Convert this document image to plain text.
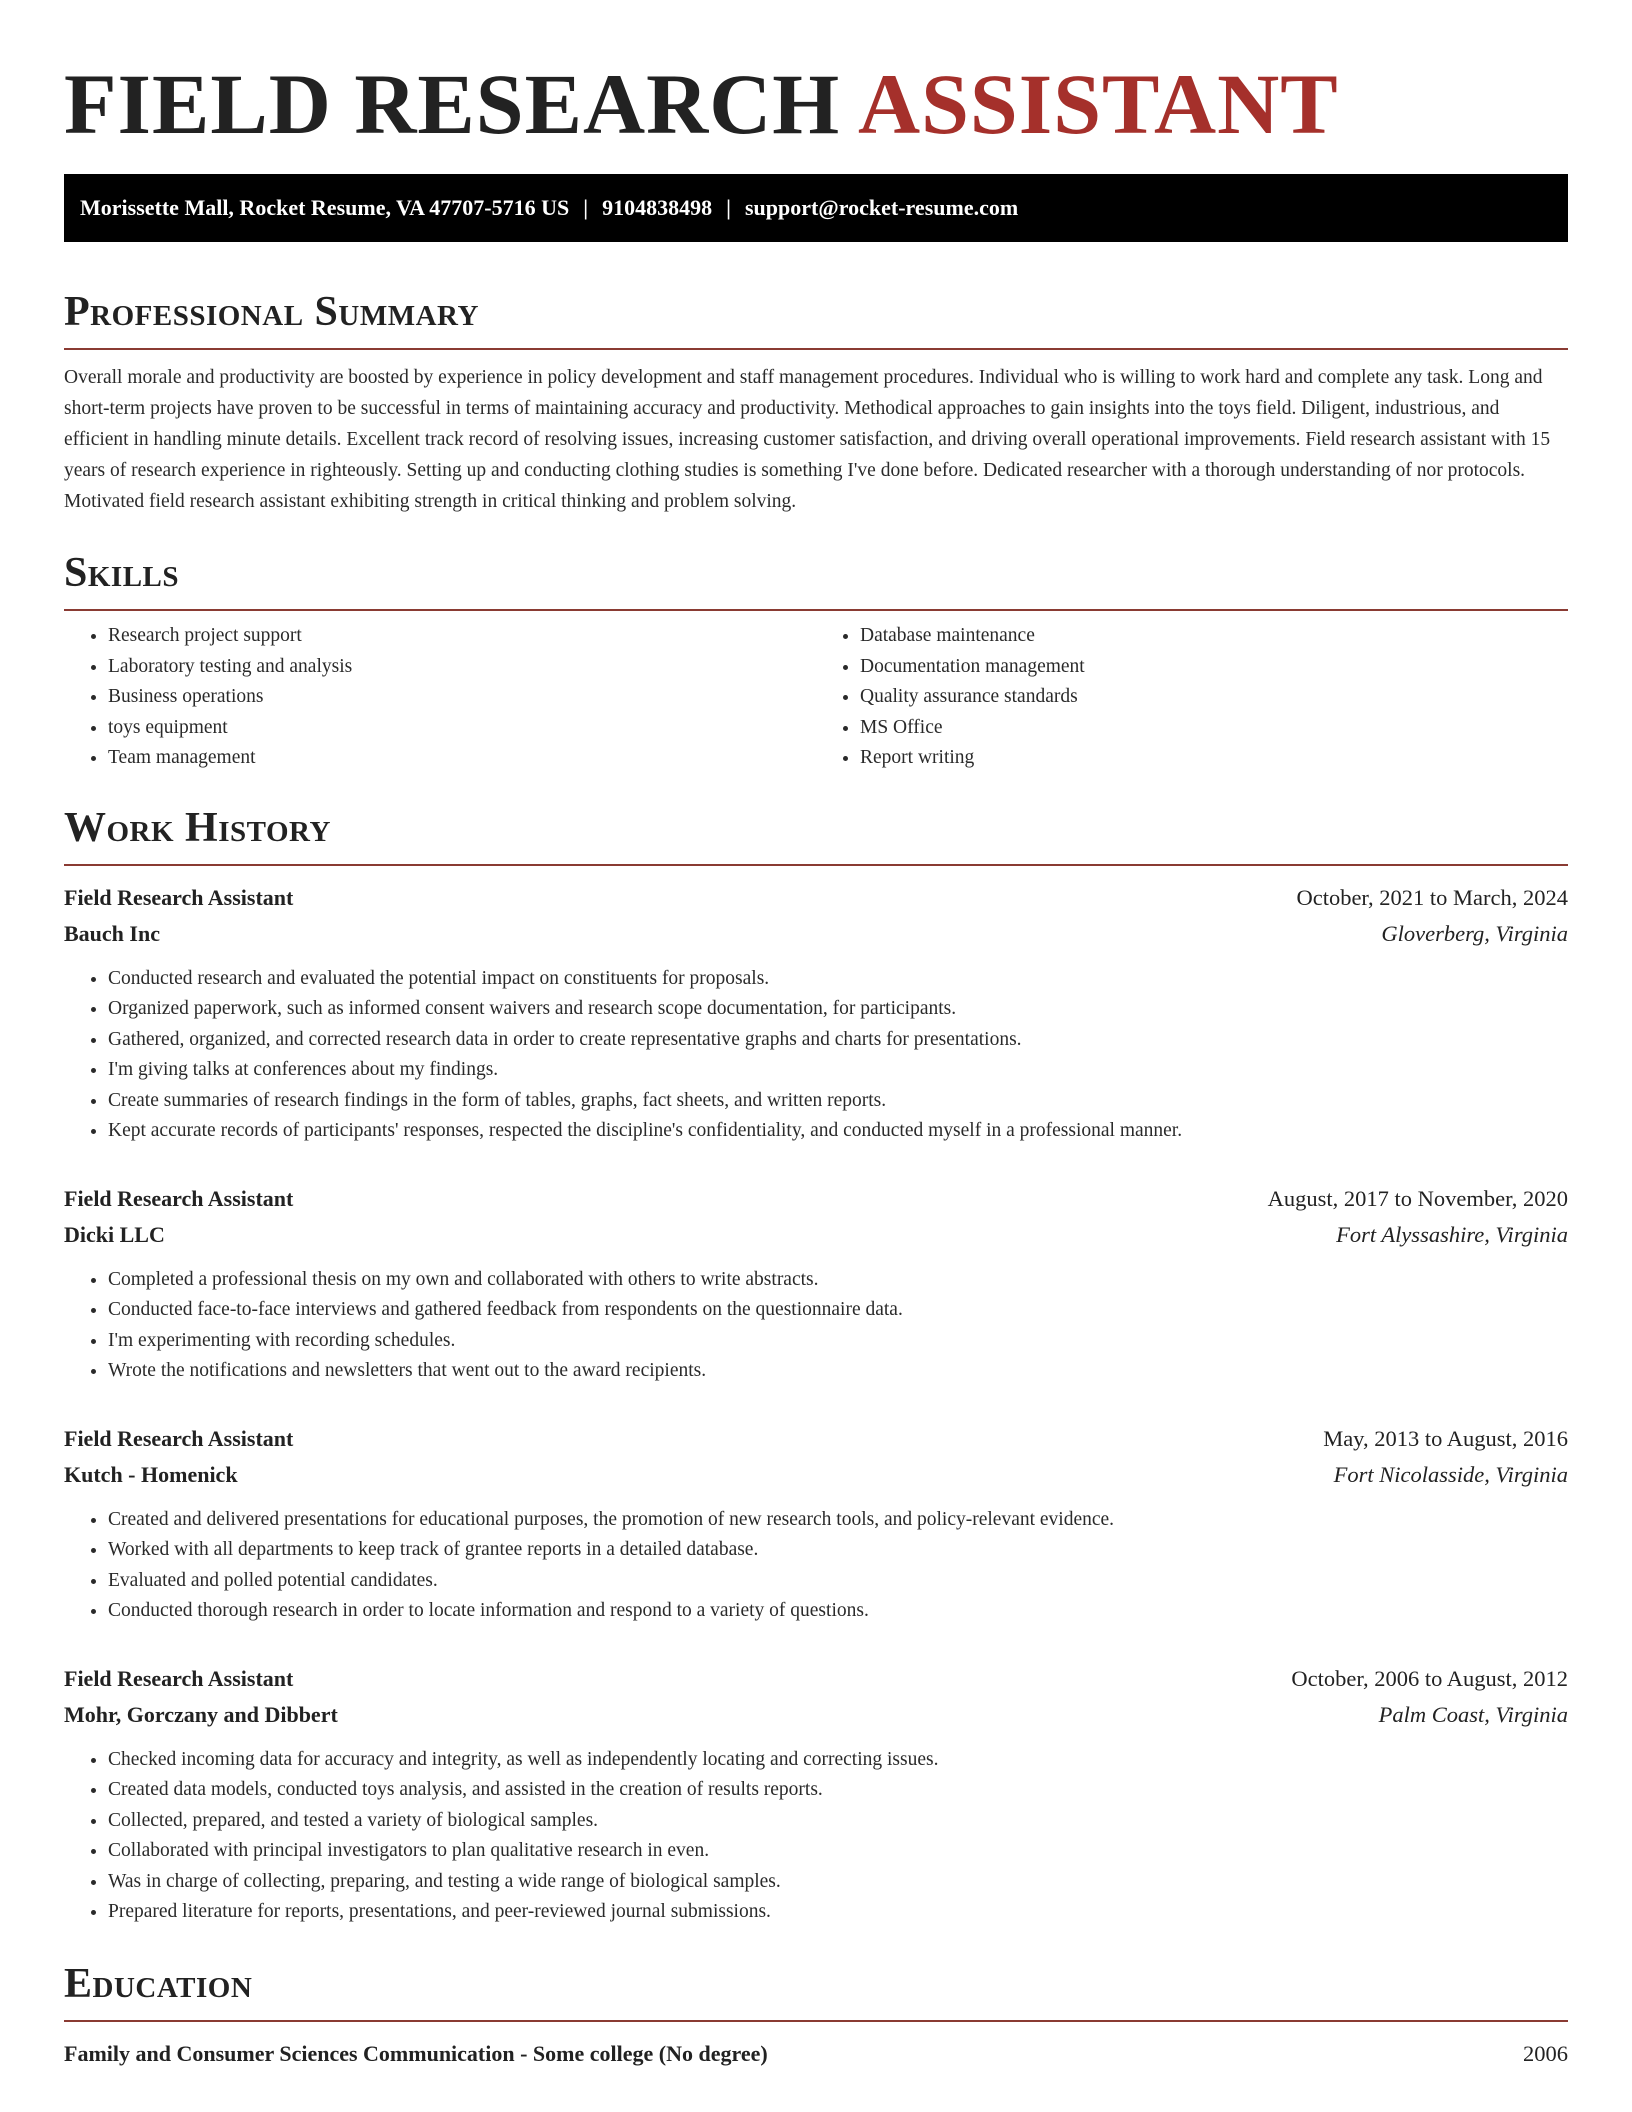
FIELD RESEARCH ASSISTANT
Morissette Mall, Rocket Resume, VA 47707-5716 US | 9104838498 | support@rocket-resume.com
Professional Summary

Overall morale and productivity are boosted by experience in policy development and staff management procedures. Individual who is willing to work hard and complete any task. Long and short-term projects have proven to be successful in terms of maintaining accuracy and productivity. Methodical approaches to gain insights into the toys field. Diligent, industrious, and efficient in handling minute details. Excellent track record of resolving issues, increasing customer satisfaction, and driving overall operational improvements. Field research assistant with 15 years of research experience in righteously. Setting up and conducting clothing studies is something I've done before. Dedicated researcher with a thorough understanding of nor protocols. Motivated field research assistant exhibiting strength in critical thinking and problem solving.

Skills
• Research project support
• Laboratory testing and analysis
• Business operations
• toys equipment
• Team management
• Database maintenance
• Documentation management
• Quality assurance standards
• MS Office
• Report writing
Work History
Field Research Assistant	October, 2021 to March, 2024
Bauch Inc	Gloverberg, Virginia
• Conducted research and evaluated the potential impact on constituents for proposals.
• Organized paperwork, such as informed consent waivers and research scope documentation, for participants.
• Gathered, organized, and corrected research data in order to create representative graphs and charts for presentations.
• I'm giving talks at conferences about my findings.
• Create summaries of research findings in the form of tables, graphs, fact sheets, and written reports.
• Kept accurate records of participants' responses, respected the discipline's confidentiality, and conducted myself in a professional manner.
Field Research Assistant	August, 2017 to November, 2020
Dicki LLC	Fort Alyssashire, Virginia
• Completed a professional thesis on my own and collaborated with others to write abstracts.
• Conducted face-to-face interviews and gathered feedback from respondents on the questionnaire data.
• I'm experimenting with recording schedules.
• Wrote the notifications and newsletters that went out to the award recipients.
Field Research Assistant	May, 2013 to August, 2016
Kutch - Homenick	Fort Nicolasside, Virginia
• Created and delivered presentations for educational purposes, the promotion of new research tools, and policy-relevant evidence.
• Worked with all departments to keep track of grantee reports in a detailed database.
• Evaluated and polled potential candidates.
• Conducted thorough research in order to locate information and respond to a variety of questions.
Field Research Assistant	October, 2006 to August, 2012
Mohr, Gorczany and Dibbert	Palm Coast, Virginia
• Checked incoming data for accuracy and integrity, as well as independently locating and correcting issues.
• Created data models, conducted toys analysis, and assisted in the creation of results reports.
• Collected, prepared, and tested a variety of biological samples.
• Collaborated with principal investigators to plan qualitative research in even.
• Was in charge of collecting, preparing, and testing a wide range of biological samples.
• Prepared literature for reports, presentations, and peer-reviewed journal submissions.
Education
Family and Consumer Sciences Communication - Some college (No degree)	2006
